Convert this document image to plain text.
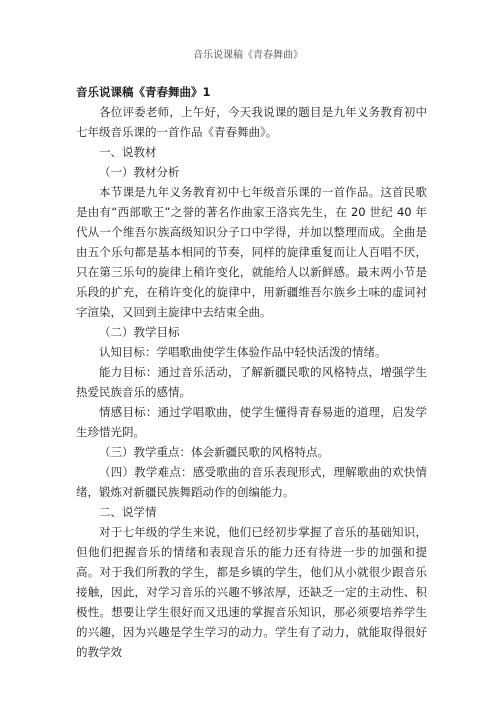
音乐说课稿《青春舞曲》

音乐说课稿《青春舞曲》1

各位评委老师，上午好，今天我说课的题目是九年义务教育初中七年级音乐课的一首作品《青春舞曲》。

一、说教材

（一）教材分析

本节课是九年义务教育初中七年级音乐课的一首作品。这首民歌是由有“西部歌王”之誉的著名作曲家王洛宾先生，在 20 世纪 40 年代从一个维吾尔族高级知识分子口中学得，并加以整理而成。全曲是由五个乐句都是基本相同的节奏，同样的旋律重复而让人百唱不厌，只在第三乐句的旋律上稍许变化，就能给人以新鲜感。最末两小节是乐段的扩充，在稍许变化的旋律中，用新疆维吾尔族乡土味的虚词衬字渲染，又回到主旋律中去结束全曲。

（二）教学目标

认知目标：学唱歌曲使学生体验作品中轻快活泼的情绪。

能力目标：通过音乐活动，了解新疆民歌的风格特点，增强学生热爱民族音乐的感情。

情感目标：通过学唱歌曲，使学生懂得青春易逝的道理，启发学生珍惜光阴。

（三）教学重点：体会新疆民歌的风格特点。

（四）教学难点：感受歌曲的音乐表现形式，理解歌曲的欢快情绪，锻炼对新疆民族舞蹈动作的创编能力。

二、说学情

对于七年级的学生来说，他们已经初步掌握了音乐的基础知识，但他们把握音乐的情绪和表现音乐的能力还有待进一步的加强和提高。对于我们所教的学生，都是乡镇的学生，他们从小就很少跟音乐接触，因此，对学习音乐的兴趣不够浓厚，还缺乏一定的主动性、积极性。想要让学生很好而又迅速的掌握音乐知识，那必须要培养学生的兴趣，因为兴趣是学生学习的动力。学生有了动力，就能取得很好的教学效
